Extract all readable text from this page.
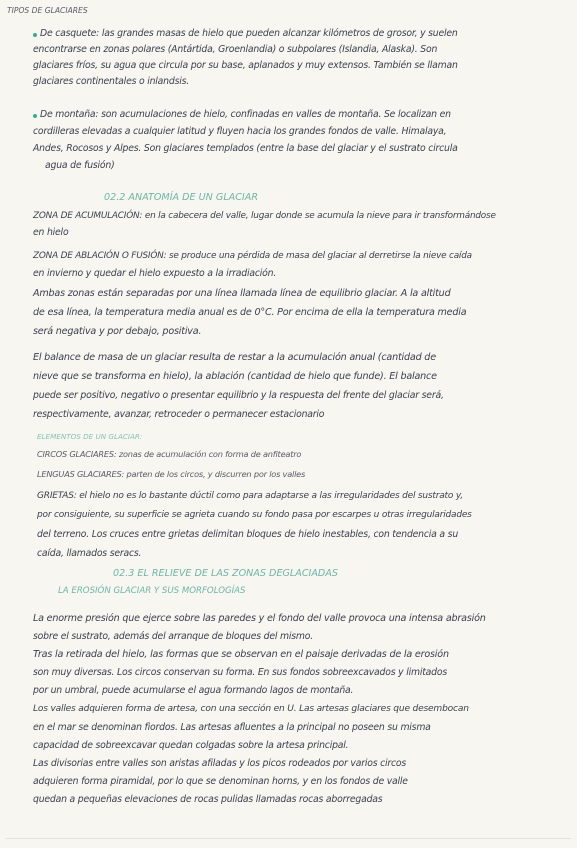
TIPOS DE GLACIARES
De casquete: las grandes masas de hielo que pueden alcanzar kilómetros de grosor, y suelen
encontrarse en zonas polares (Antártida, Groenlandia) o subpolares (Islandia, Alaska). Son
glaciares fríos, su agua que circula por su base, aplanados y muy extensos. También se llaman
glaciares continentales o inlandsis.
De montaña: son acumulaciones de hielo, confinadas en valles de montaña. Se localizan en
cordilleras elevadas a cualquier latitud y fluyen hacia los grandes fondos de valle. Himalaya,
Andes, Rocosos y Alpes. Son glaciares templados (entre la base del glaciar y el sustrato circula
agua de fusión)
02.2 ANATOMÍA DE UN GLACIAR
ZONA DE ACUMULACIÓN: en la cabecera del valle, lugar donde se acumula la nieve para ir transformándose
en hielo
ZONA DE ABLACIÓN O FUSIÓN: se produce una pérdida de masa del glaciar al derretirse la nieve caída
en invierno y quedar el hielo expuesto a la irradiación.
Ambas zonas están separadas por una línea llamada línea de equilibrio glaciar. A la altitud
de esa línea, la temperatura media anual es de 0°C. Por encima de ella la temperatura media
será negativa y por debajo, positiva.
El balance de masa de un glaciar resulta de restar a la acumulación anual (cantidad de
nieve que se transforma en hielo), la ablación (cantidad de hielo que funde). El balance
puede ser positivo, negativo o presentar equilibrio y la respuesta del frente del glaciar será,
respectivamente, avanzar, retroceder o permanecer estacionario
ELEMENTOS DE UN GLACIAR:
CIRCOS GLACIARES: zonas de acumulación con forma de anfiteatro
LENGUAS GLACIARES: parten de los circos, y discurren por los valles
GRIETAS: el hielo no es lo bastante dúctil como para adaptarse a las irregularidades del sustrato y,
por consiguiente, su superficie se agrieta cuando su fondo pasa por escarpes u otras irregularidades
del terreno. Los cruces entre grietas delimitan bloques de hielo inestables, con tendencia a su
caída, llamados seracs.
02.3 EL RELIEVE DE LAS ZONAS DEGLACIADAS
LA EROSIÓN GLACIAR Y SUS MORFOLOGÍAS
La enorme presión que ejerce sobre las paredes y el fondo del valle provoca una intensa abrasión
sobre el sustrato, además del arranque de bloques del mismo.
Tras la retirada del hielo, las formas que se observan en el paisaje derivadas de la erosión
son muy diversas. Los circos conservan su forma. En sus fondos sobreexcavados y limitados
por un umbral, puede acumularse el agua formando lagos de montaña.
Los valles adquieren forma de artesa, con una sección en U. Las artesas glaciares que desembocan
en el mar se denominan fiordos. Las artesas afluentes a la principal no poseen su misma
capacidad de sobreexcavar quedan colgadas sobre la artesa principal.
Las divisorias entre valles son aristas afiladas y los picos rodeados por varios circos
adquieren forma piramidal, por lo que se denominan horns, y en los fondos de valle
quedan a pequeñas elevaciones de rocas pulidas llamadas rocas aborregadas
